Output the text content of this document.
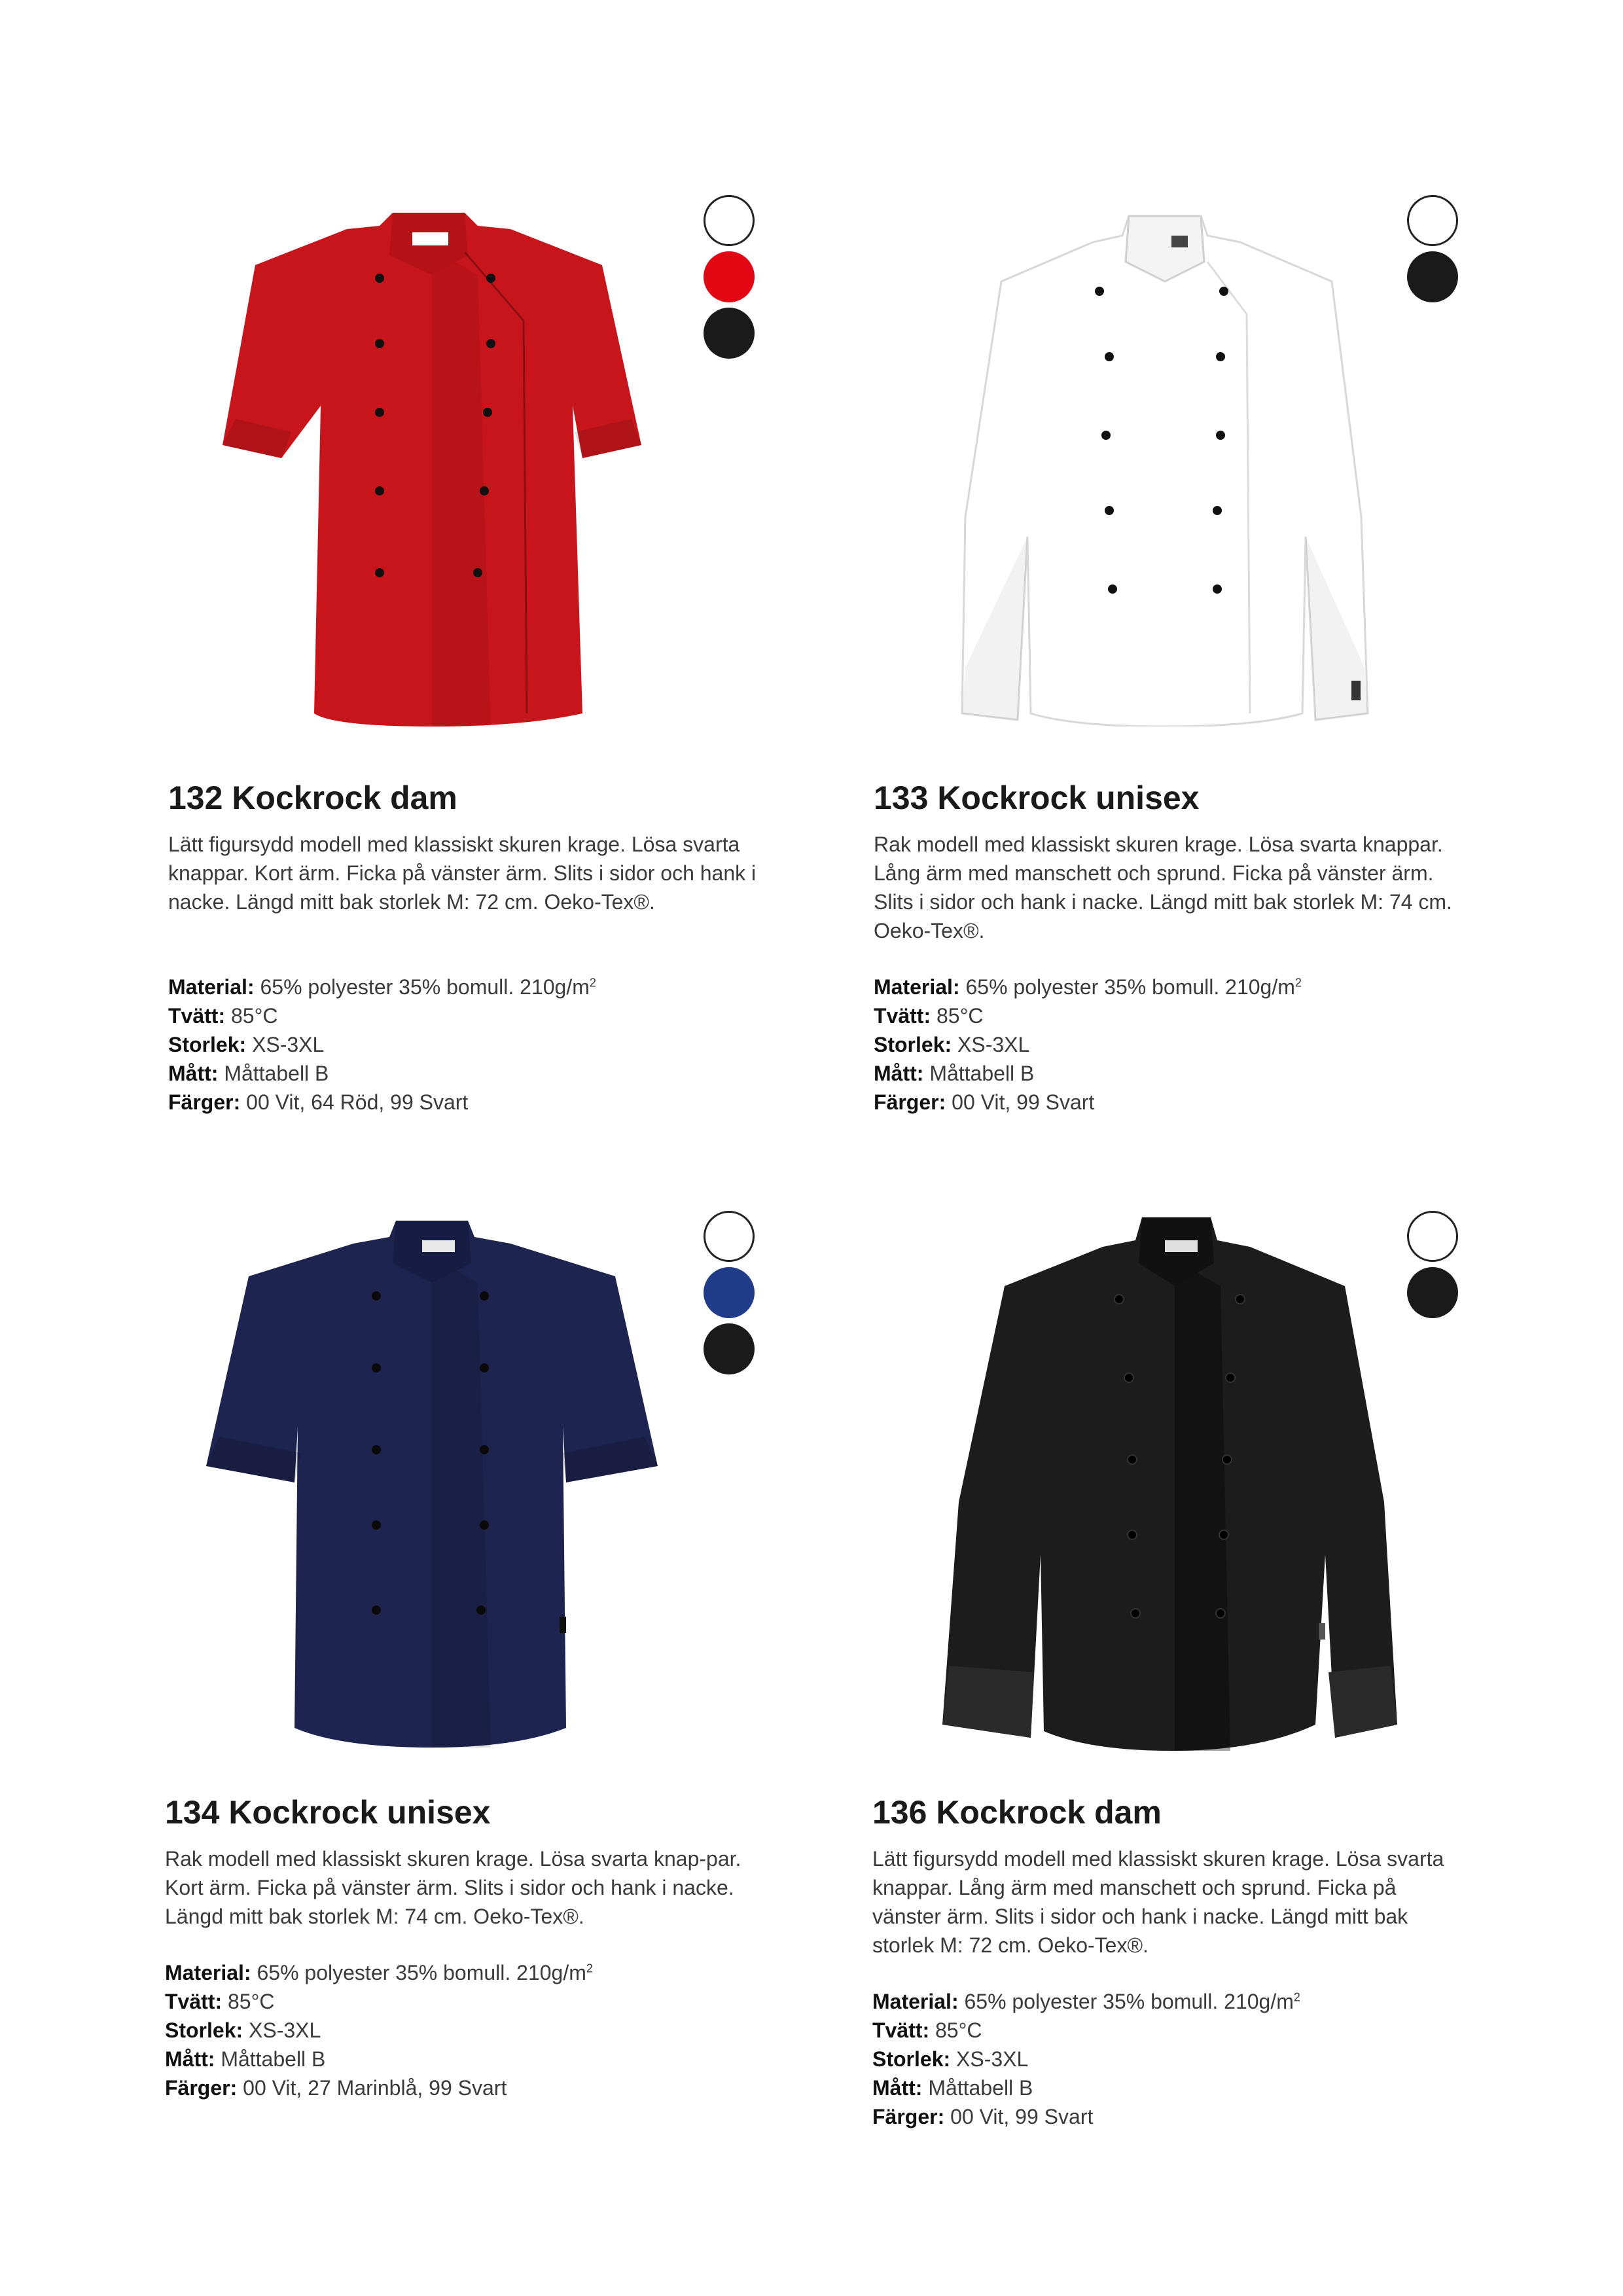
132 Kockrock dam

Lätt figursydd modell med klassiskt skuren krage. Lösa svarta knappar. Kort ärm. Ficka på vänster ärm. Slits i sidor och hank i nacke. Längd mitt bak storlek M: 72 cm. Oeko-Tex®.

Material: 65% polyester 35% bomull. $210g/m^2$
Tvätt: 85°C
Storlek: XS-3XL
Mått: Måttabell B
Färger: 00 Vit, 64 Röd, 99 Svart
133 Kockrock unisex

Rak modell med klassiskt skuren krage. Lösa svarta knappar. Lång ärm med manschett och sprund. Ficka på vänster ärm. Slits i sidor och hank i nacke. Längd mitt bak storlek M: 74 cm. Oeko-Tex®.

Material: 65% polyester 35% bomull. $210g/m^2$
Tvätt: 85°C
Storlek: XS-3XL
Mått: Måttabell B
Färger: 00 Vit, 99 Svart
134 Kockrock unisex

Rak modell med klassiskt skuren krage. Lösa svarta knap-par. Kort ärm. Ficka på vänster ärm. Slits i sidor och hank i nacke. Längd mitt bak storlek M: 74 cm. Oeko-Tex®.

Material: 65% polyester 35% bomull. $210g/m^2$
Tvätt: 85°C
Storlek: XS-3XL
Mått: Måttabell B
Färger: 00 Vit, 27 Marinblå, 99 Svart
136 Kockrock dam

Lätt figursydd modell med klassiskt skuren krage. Lösa svarta knappar. Lång ärm med manschett och sprund. Ficka på vänster ärm. Slits i sidor och hank i nacke. Längd mitt bak storlek M: 72 cm. Oeko-Tex®.

Material: 65% polyester 35% bomull. $210g/m^2$
Tvätt: 85°C
Storlek: XS-3XL
Mått: Måttabell B
Färger: 00 Vit, 99 Svart
